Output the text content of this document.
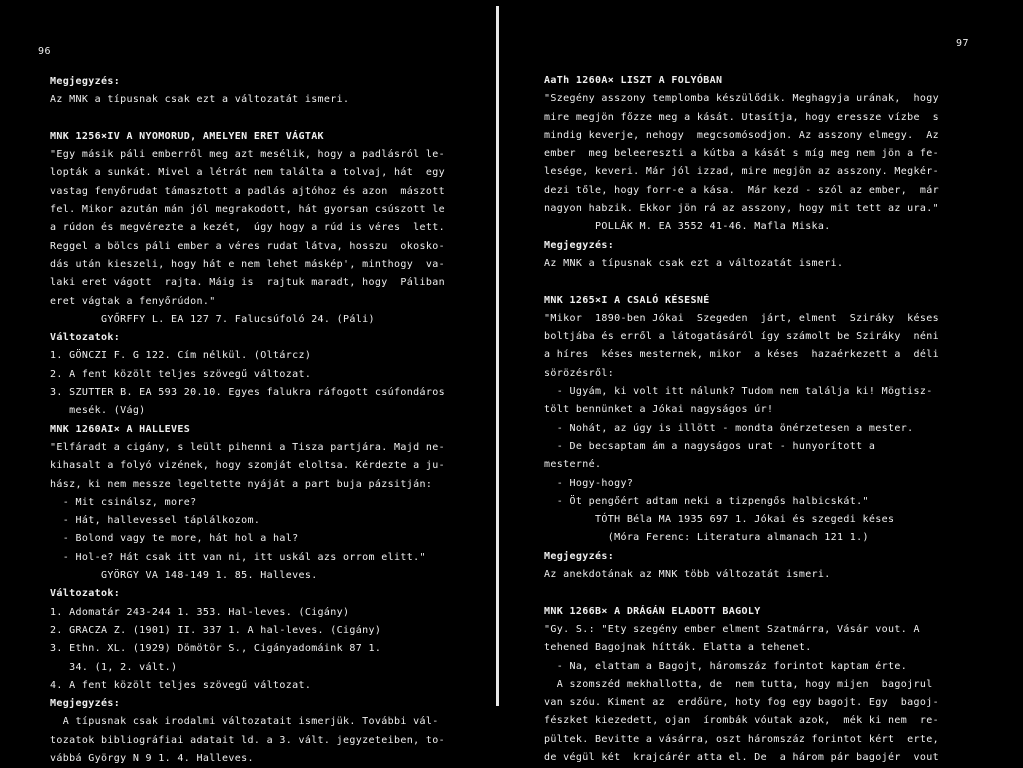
96
97
Megjegyzés:
Az MNK a típusnak csak ezt a változatát ismeri.
MNK 1256×IV A NYOMORUD, AMELYEN ERET VÁGTAK
"Egy másik páli emberről meg azt mesélik, hogy a padlásról le-
lopták a sunkát. Mivel a létrát nem találta a tolvaj, hát  egy
vastag fenyőrudat támasztott a padlás ajtóhoz és azon  mászott
fel. Mikor azután mán jól megrakodott, hát gyorsan csúszott le
a rúdon és megvérezte a kezét,  úgy hogy a rúd is véres  lett.
Reggel a bölcs páli ember a véres rudat látva, hosszu  okosko-
dás után kieszeli, hogy hát e nem lehet máskép', minthogy  va-
laki eret vágott  rajta. Máig is  rajtuk maradt, hogy  Páliban
eret vágtak a fenyőrúdon."
GYŐRFFY L. EA 127 7. Falucsúfoló 24. (Páli)
Változatok:
1. GÖNCZI F. G 122. Cím nélkül. (Oltárcz)
2. A fent közölt teljes szövegű változat.
3. SZUTTER B. EA 593 20.10. Egyes falukra ráfogott csúfondáros
mesék. (Vág)
MNK 1260AI× A HALLEVES
"Elfáradt a cigány, s leült pihenni a Tisza partjára. Majd ne-
kihasalt a folyó vizének, hogy szomját eloltsa. Kérdezte a ju-
hász, ki nem messze legeltette nyáját a part buja pázsitján:
- Mit csinálsz, more?
- Hát, hallevessel táplálkozom.
- Bolond vagy te more, hát hol a hal?
- Hol-e? Hát csak itt van ni, itt uskál azs orrom elitt."
GYÖRGY VA 148-149 1. 85. Halleves.
Változatok:
1. Adomatár 243-244 1. 353. Hal-leves. (Cigány)
2. GRACZA Z. (1901) II. 337 1. A hal-leves. (Cigány)
3. Ethn. XL. (1929) Dömötör S., Cigányadomáink 87 1.
34. (1, 2. vált.)
4. A fent közölt teljes szövegű változat.
Megjegyzés:
A típusnak csak irodalmi változatait ismerjük. További vál-
tozatok bibliográfiai adatait ld. a 3. vált. jegyzeteiben, to-
vábbá György N 9 1. 4. Halleves.
AaTh 1260A× LISZT A FOLYÓBAN
"Szegény asszony templomba készülődik. Meghagyja urának,  hogy
mire megjön főzze meg a kását. Utasítja, hogy eressze vízbe  s
mindig keverje, nehogy  megcsomósodjon. Az asszony elmegy.  Az
ember  meg beleereszti a kútba a kását s míg meg nem jön a fe-
lesége, keveri. Már jól izzad, mire megjön az asszony. Megkér-
dezi tőle, hogy forr-e a kása.  Már kezd - szól az ember,  már
nagyon habzik. Ekkor jön rá az asszony, hogy mit tett az ura."
POLLÁK M. EA 3552 41-46. Mafla Miska.
Megjegyzés:
Az MNK a típusnak csak ezt a változatát ismeri.
MNK 1265×I A CSALÓ KÉSESNÉ
"Mikor  1890-ben Jókai  Szegeden  járt, elment  Sziráky  késes
boltjába és erről a látogatásáról így számolt be Sziráky  néni
a híres  késes mesternek, mikor  a késes  hazaérkezett a  déli
sörözésről:
- Ugyám, ki volt itt nálunk? Tudom nem találja ki! Mögtisz-
tölt bennünket a Jókai nagyságos úr!
- Nohát, az úgy is illött - mondta önérzetesen a mester.
- De becsaptam ám a nagyságos urat - hunyorított a
mesterné.
- Hogy-hogy?
- Öt pengőért adtam neki a tizpengős halbicskát."
TÓTH Béla MA 1935 697 1. Jókai és szegedi késes
(Móra Ferenc: Literatura almanach 121 1.)
Megjegyzés:
Az anekdotának az MNK több változatát ismeri.
MNK 1266B× A DRÁGÁN ELADOTT BAGOLY
"Gy. S.: "Ety szegény ember elment Szatmárra, Vásár vout. A
tehened Bagojnak hítták. Elatta a tehenet.
- Na, elattam a Bagojt, háromszáz forintot kaptam érte.
A szomszéd mekhallotta, de  nem tutta, hogy mijen  bagojrul
van szóu. Kiment az  erdőüre, hoty fog egy bagojt. Egy  bagoj-
fészket kiezedett, ojan  írombák vóutak azok,  mék ki nem  re-
pültek. Bevitte a vásárra, oszt háromszáz forintot kért  erte,
de végül két  krajcárér atta el. De  a három pár bagojér  vout
